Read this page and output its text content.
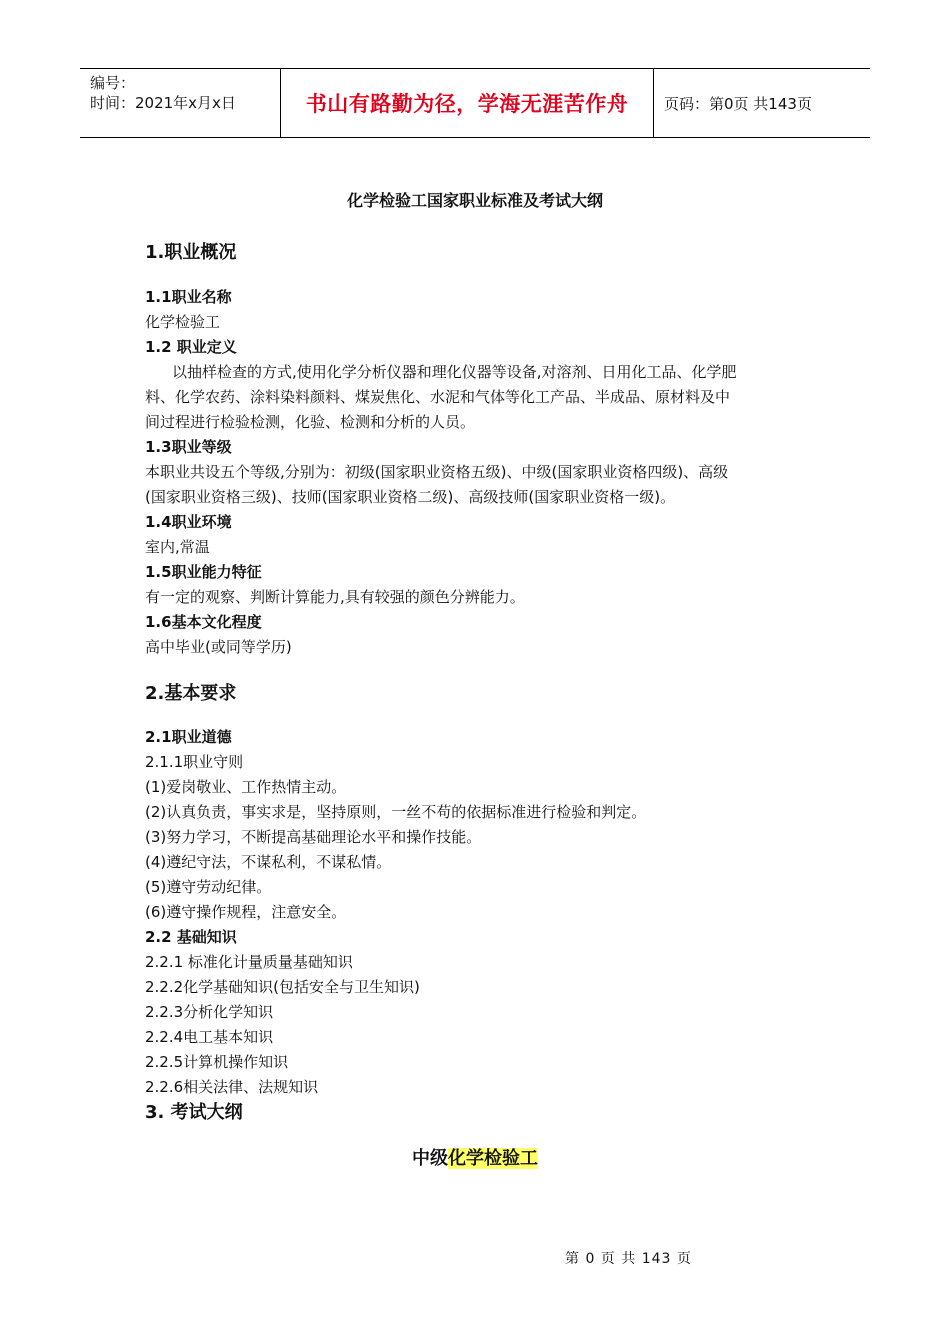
编号：
时间：2021年x月x日	书山有路勤为径，学海无涯苦作舟	页码：第0页 共143页
化学检验工国家职业标准及考试大纲
1.职业概况
1.1职业名称
化学检验工
1.2 职业定义
以抽样检查的方式,使用化学分析仪器和理化仪器等设备,对溶剂、日用化工品、化学肥
料、化学农药、涂料染料颜料、煤炭焦化、水泥和气体等化工产品、半成品、原材料及中
间过程进行检验检测，化验、检测和分析的人员。
1.3职业等级
本职业共设五个等级,分别为：初级(国家职业资格五级)、中级(国家职业资格四级)、高级
(国家职业资格三级)、技师(国家职业资格二级)、高级技师(国家职业资格一级)。
1.4职业环境
室内,常温
1.5职业能力特征
有一定的观察、判断计算能力,具有较强的颜色分辨能力。
1.6基本文化程度
高中毕业(或同等学历)
2.基本要求
2.1职业道德
2.1.1职业守则
(1)爱岗敬业、工作热情主动。
(2)认真负责，事实求是，坚持原则，一丝不苟的依据标准进行检验和判定。
(3)努力学习，不断提高基础理论水平和操作技能。
(4)遵纪守法，不谋私利，不谋私情。
(5)遵守劳动纪律。
(6)遵守操作规程，注意安全。
2.2 基础知识
2.2.1 标准化计量质量基础知识
2.2.2化学基础知识(包括安全与卫生知识)
2.2.3分析化学知识
2.2.4电工基本知识
2.2.5计算机操作知识
2.2.6相关法律、法规知识
3. 考试大纲
中级化学检验工
第 0 页 共 143 页
